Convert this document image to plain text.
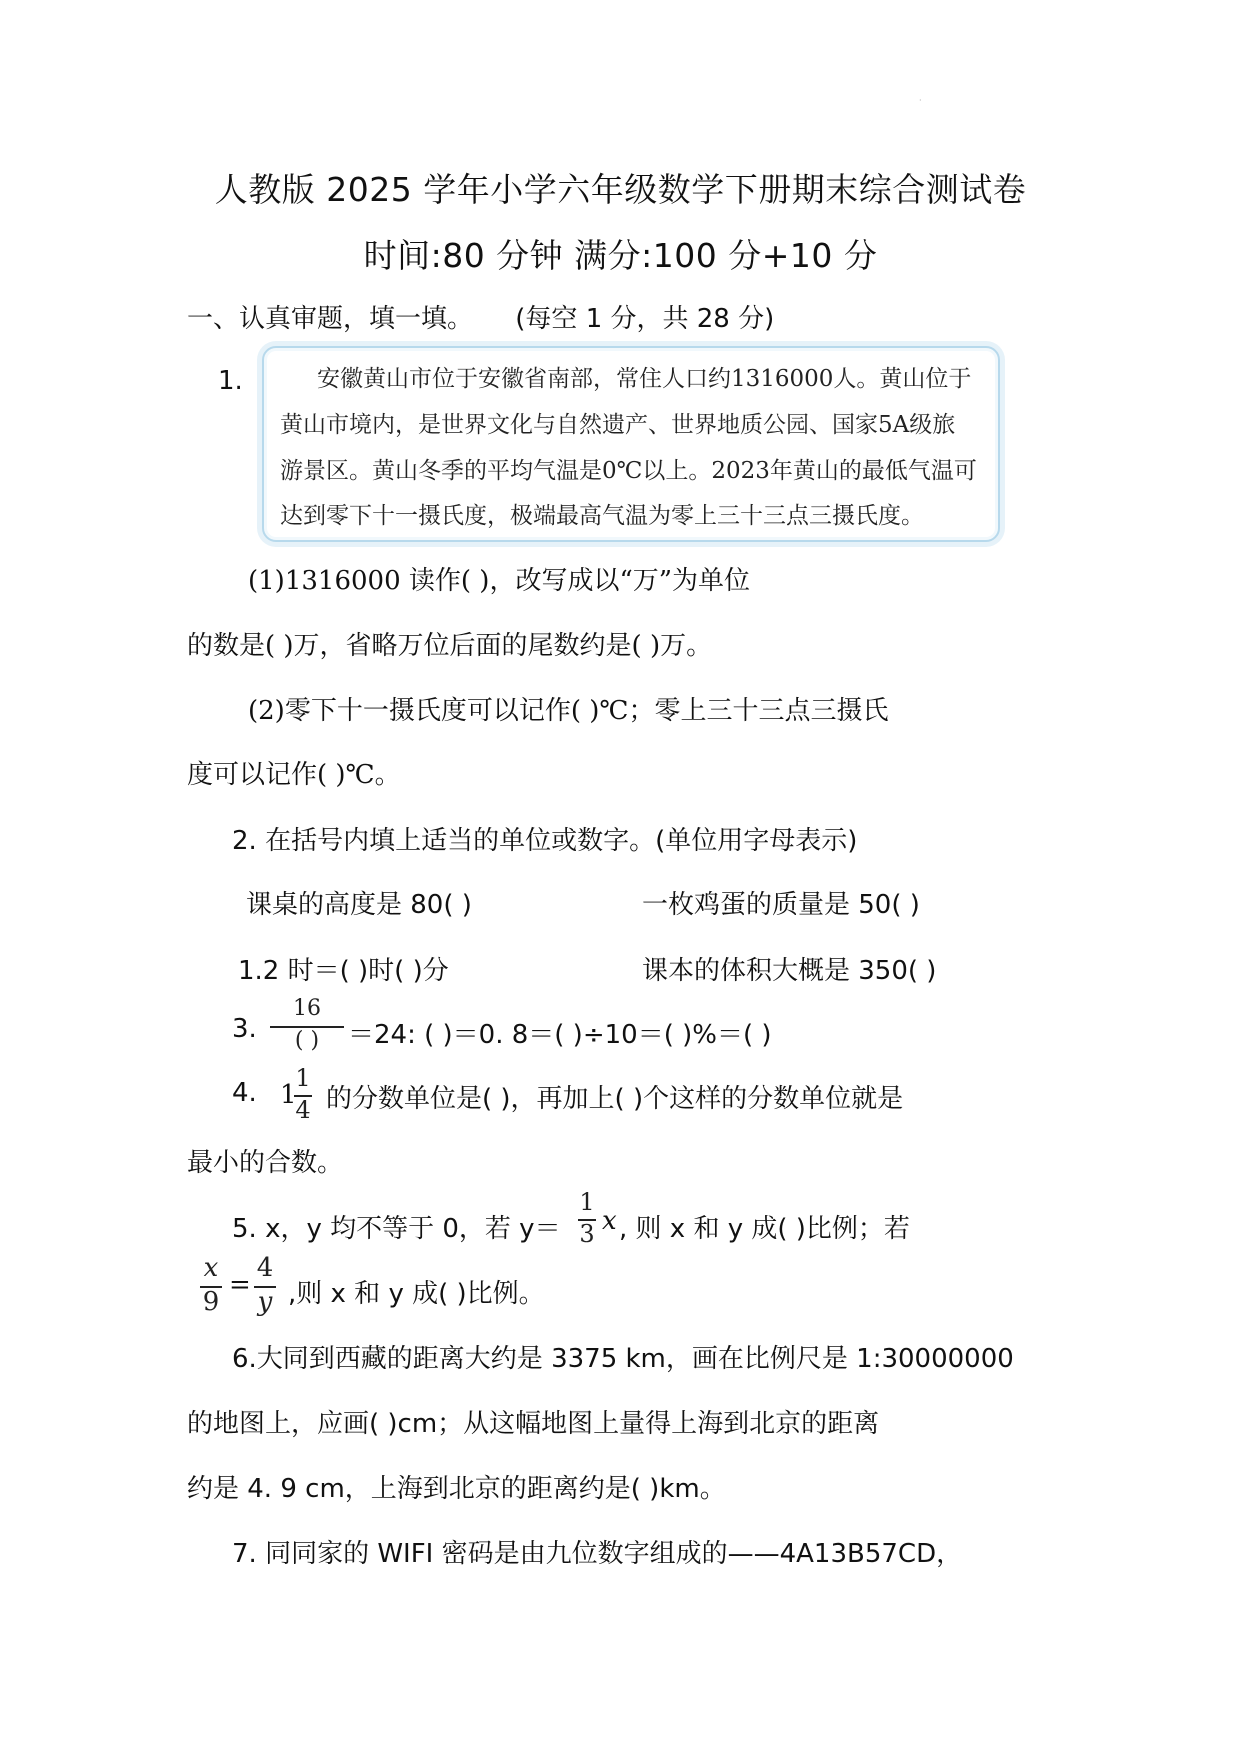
·
人教版 2025 学年小学六年级数学下册期末综合测试卷
时间:80 分钟 满分:100 分+10 分
一、认真审题，填一填。 (每空 1 分，共 28 分)
1.	安徽黄山市位于安徽省南部，常住人口约1316000人。黄山位于
黄山市境内，是世界文化与自然遗产、世界地质公园、国家5A级旅
游景区。黄山冬季的平均气温是0℃以上。2023年黄山的最低气温可
达到零下十一摄氏度，极端最高气温为零上三十三点三摄氏度。
(1)1316000 读作( )，改写成以“万”为单位
的数是( )万，省略万位后面的尾数约是( )万。
(2)零下十一摄氏度可以记作( )℃；零上三十三点三摄氏
度可以记作( )℃。
2. 在括号内填上适当的单位或数字。(单位用字母表示)
课桌的高度是 80( )	一枚鸡蛋的质量是 50( )
1.2 时＝( )时( )分	课本的体积大概是 350( )
3.
16
( )	＝24: ( )＝0. 8＝( )÷10＝( )%＝( )
4. 1
1
4 的分数单位是( )，再加上( )个这样的分数单位就是
最小的合数。
5. x，y 均不等于 0，若 y＝
1
3 x , 则 x 和 y 成( )比例；若
x
9
=
4
y ,则 x 和 y 成( )比例。
6.大同到西藏的距离大约是 3375 km，画在比例尺是 1:30000000
的地图上，应画( )cm；从这幅地图上量得上海到北京的距离
约是 4. 9 cm，上海到北京的距离约是( )km。
7. 同同家的 WIFI 密码是由九位数字组成的——4A13B57CD，
